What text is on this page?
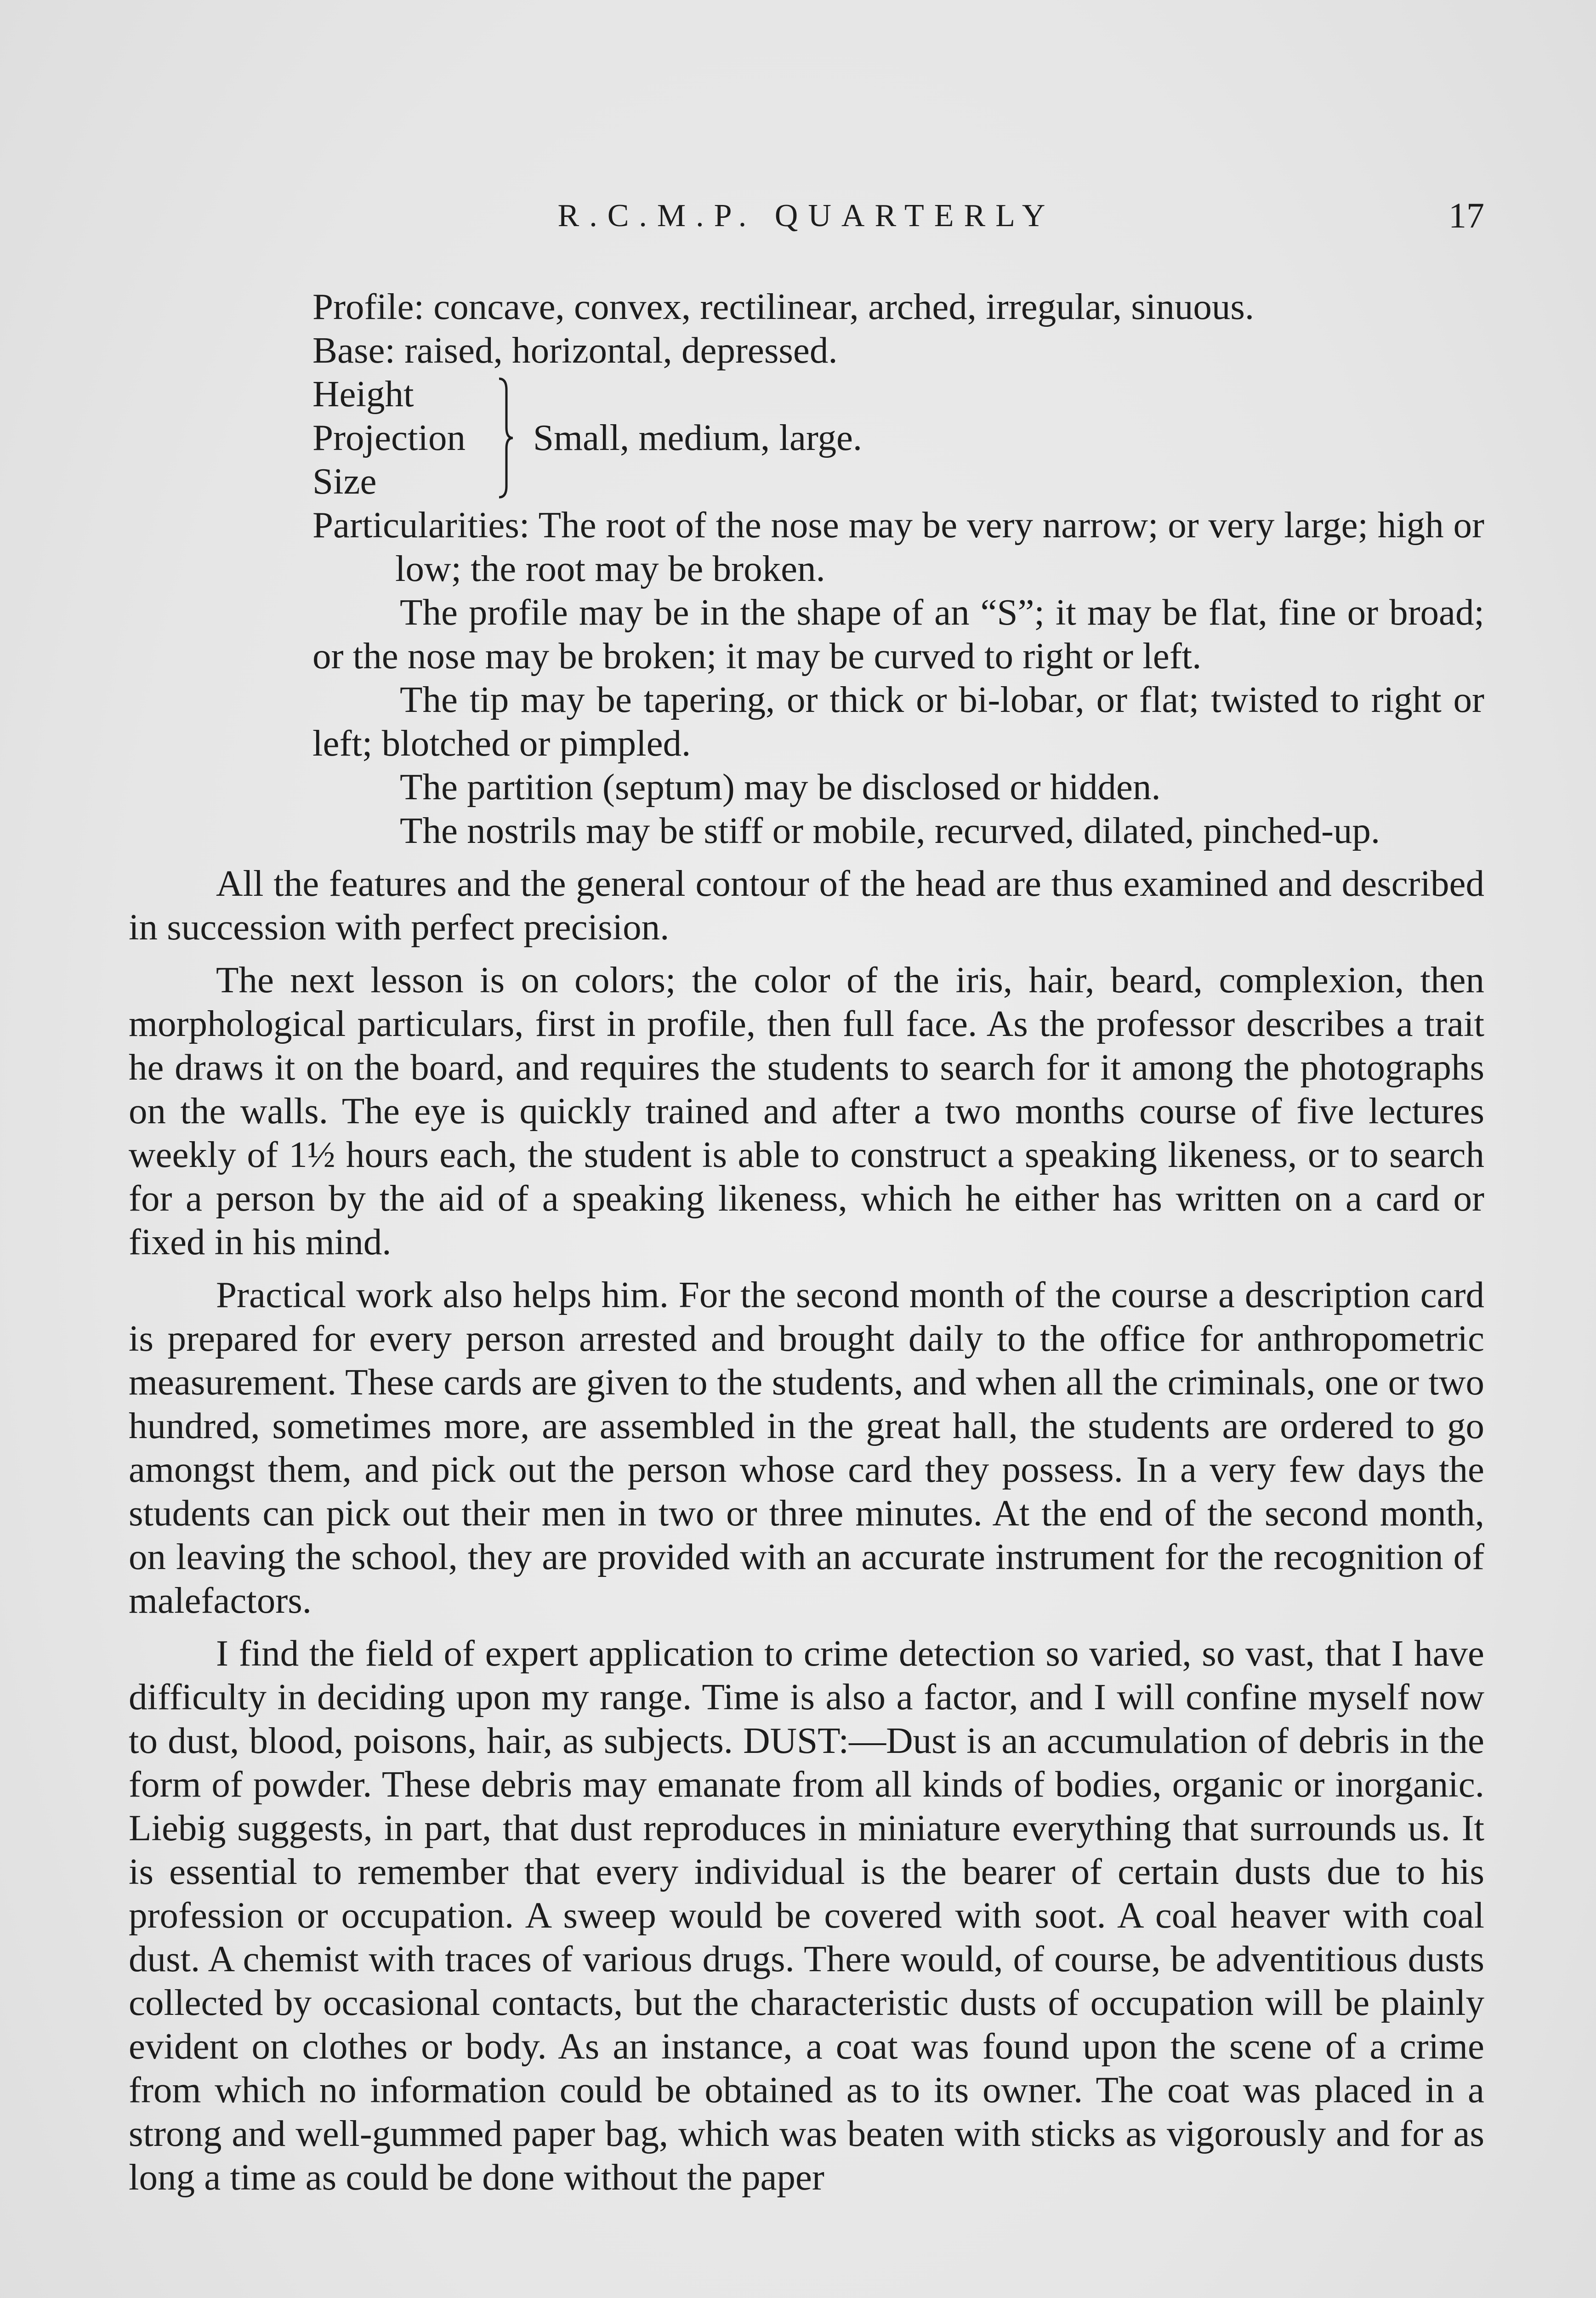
R.C.M.P. QUARTERLY	17

Profile: concave, convex, rectilinear, arched, irregular, sinuous.

Base: raised, horizontal, depressed.

Height
Projection
Size
Small, medium, large.

Particularities: The root of the nose may be very narrow; or very large; high or low; the root may be broken.

The profile may be in the shape of an “S”; it may be flat, fine or broad; or the nose may be broken; it may be curved to right or left.

The tip may be tapering, or thick or bi-lobar, or flat; twisted to right or left; blotched or pimpled.

The partition (septum) may be disclosed or hidden.

The nostrils may be stiff or mobile, recurved, dilated, pinched-up.

All the features and the general contour of the head are thus examined and described in succession with perfect precision.

The next lesson is on colors; the color of the iris, hair, beard, complexion, then morphological particulars, first in profile, then full face. As the professor describes a trait he draws it on the board, and requires the students to search for it among the photographs on the walls. The eye is quickly trained and after a two months course of five lectures weekly of 1½ hours each, the student is able to construct a speaking likeness, or to search for a person by the aid of a speaking likeness, which he either has written on a card or fixed in his mind.

Practical work also helps him. For the second month of the course a description card is prepared for every person arrested and brought daily to the office for anthropometric measurement. These cards are given to the students, and when all the criminals, one or two hundred, sometimes more, are assembled in the great hall, the students are ordered to go amongst them, and pick out the person whose card they possess. In a very few days the students can pick out their men in two or three minutes. At the end of the second month, on leaving the school, they are provided with an accurate instrument for the recognition of malefactors.

I find the field of expert application to crime detection so varied, so vast, that I have difficulty in deciding upon my range. Time is also a factor, and I will confine myself now to dust, blood, poisons, hair, as subjects. DUST:—Dust is an accumulation of debris in the form of powder. These debris may emanate from all kinds of bodies, organic or inorganic. Liebig suggests, in part, that dust reproduces in miniature everything that surrounds us. It is essential to remember that every individual is the bearer of certain dusts due to his profession or occupation. A sweep would be covered with soot. A coal heaver with coal dust. A chemist with traces of various drugs. There would, of course, be adventitious dusts collected by occasional contacts, but the characteristic dusts of occupation will be plainly evident on clothes or body. As an instance, a coat was found upon the scene of a crime from which no information could be obtained as to its owner. The coat was placed in a strong and well-gummed paper bag, which was beaten with sticks as vigorously and for as long a time as could be done without the paper
